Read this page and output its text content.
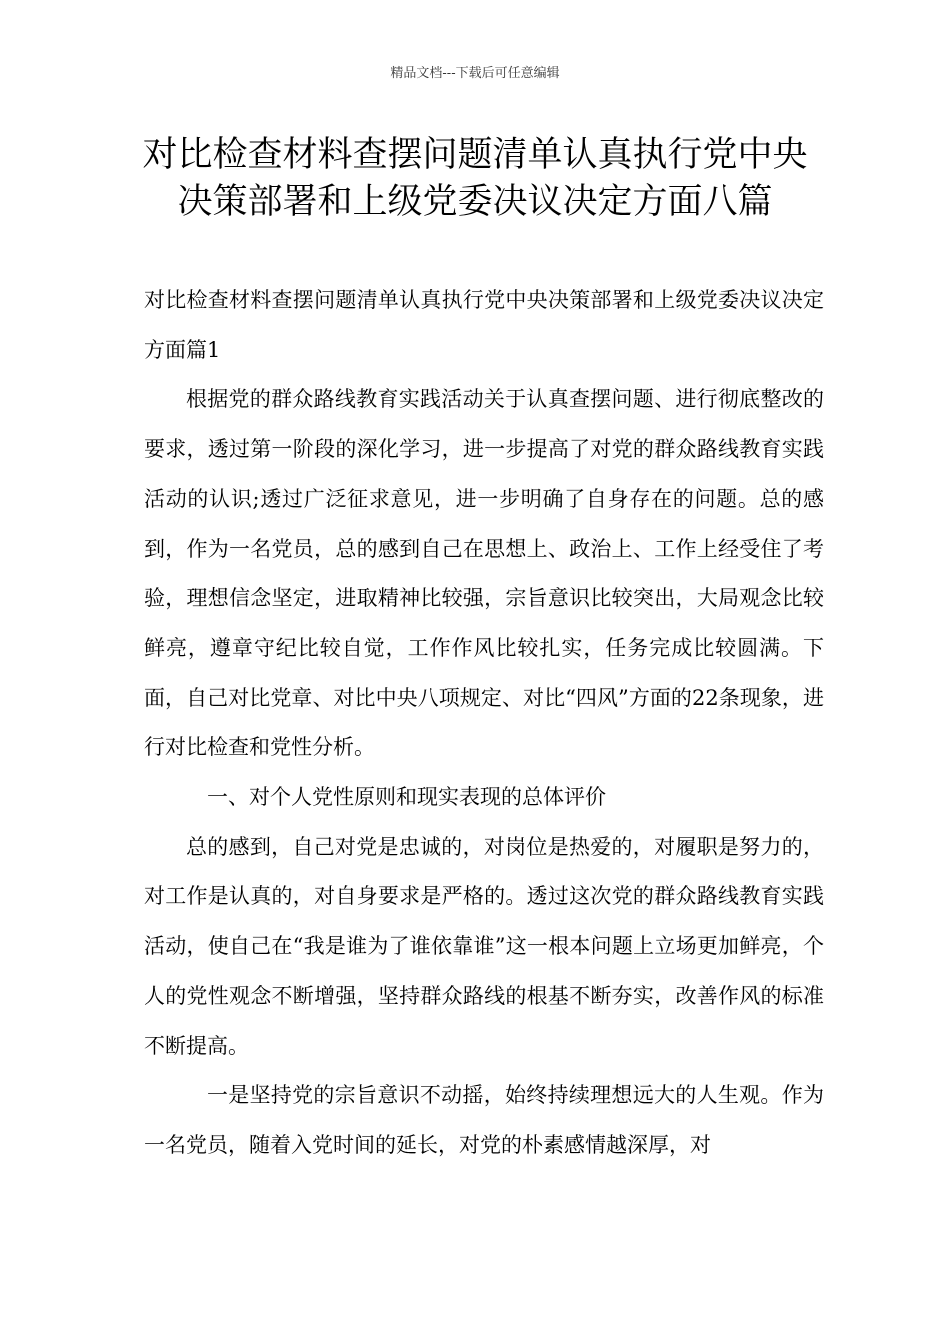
精品文档---下载后可任意编辑
对比检查材料查摆问题清单认真执行党中央决策部署和上级党委决议决定方面八篇

对比检查材料查摆问题清单认真执行党中央决策部署和上级党委决议决定方面篇1

根据党的群众路线教育实践活动关于认真查摆问题、进行彻底整改的要求，透过第一阶段的深化学习，进一步提高了对党的群众路线教育实践活动的认识;透过广泛征求意见，进一步明确了自身存在的问题。总的感到，作为一名党员，总的感到自己在思想上、政治上、工作上经受住了考验，理想信念坚定，进取精神比较强，宗旨意识比较突出，大局观念比较鲜亮，遵章守纪比较自觉，工作作风比较扎实，任务完成比较圆满。下面，自己对比党章、对比中央八项规定、对比“四风”方面的22条现象，进行对比检查和党性分析。

一、对个人党性原则和现实表现的总体评价

总的感到，自己对党是忠诚的，对岗位是热爱的，对履职是努力的，对工作是认真的，对自身要求是严格的。透过这次党的群众路线教育实践活动，使自己在“我是谁为了谁依靠谁”这一根本问题上立场更加鲜亮，个人的党性观念不断增强，坚持群众路线的根基不断夯实，改善作风的标准不断提高。

一是坚持党的宗旨意识不动摇，始终持续理想远大的人生观。作为一名党员，随着入党时间的延长，对党的朴素感情越深厚，对
